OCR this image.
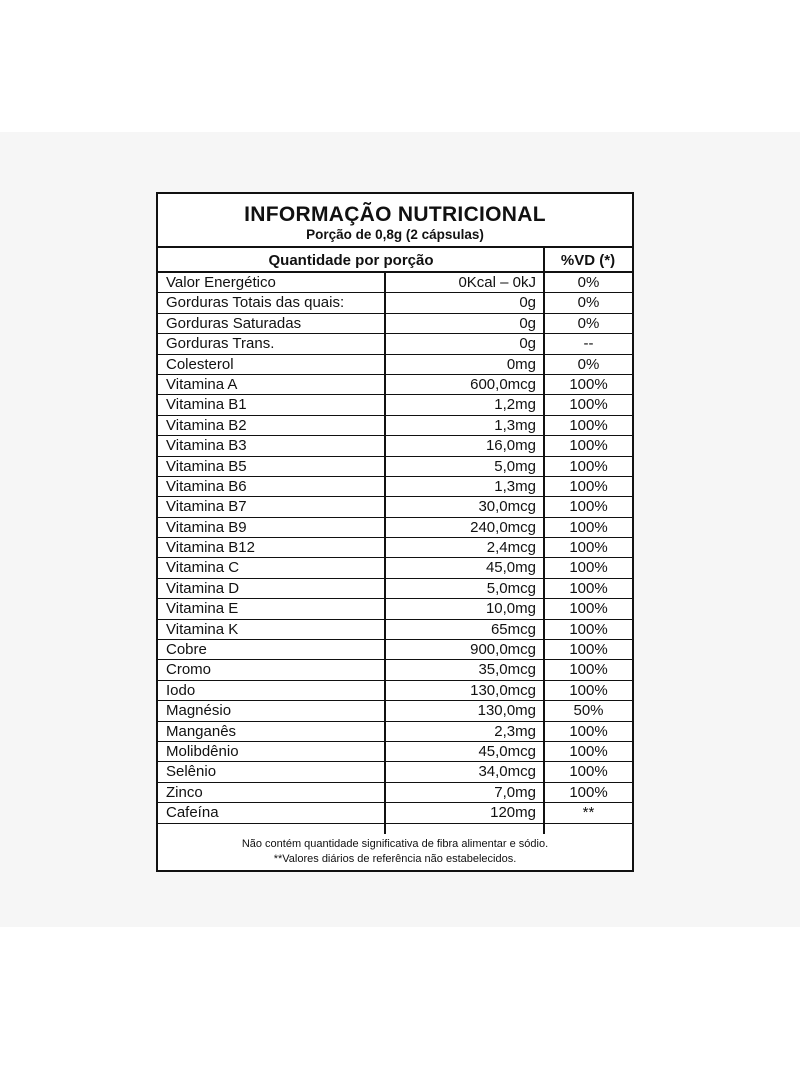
INFORMAÇÃO NUTRICIONAL
Porção de 0,8g (2 cápsulas)
Quantidade por porção	%VD (*)
Valor Energético	0Kcal – 0kJ	0%
Gorduras Totais das quais:	0g	0%
Gorduras Saturadas	0g	0%
Gorduras Trans.	0g	--
Colesterol	0mg	0%
Vitamina A	600,0mcg	100%
Vitamina B1	1,2mg	100%
Vitamina B2	1,3mg	100%
Vitamina B3	16,0mg	100%
Vitamina B5	5,0mg	100%
Vitamina B6	1,3mg	100%
Vitamina B7	30,0mcg	100%
Vitamina B9	240,0mcg	100%
Vitamina B12	2,4mcg	100%
Vitamina C	45,0mg	100%
Vitamina D	5,0mcg	100%
Vitamina E	10,0mg	100%
Vitamina K	65mcg	100%
Cobre	900,0mcg	100%
Cromo	35,0mcg	100%
Iodo	130,0mcg	100%
Magnésio	130,0mg	50%
Manganês	2,3mg	100%
Molibdênio	45,0mcg	100%
Selênio	34,0mcg	100%
Zinco	7,0mg	100%
Cafeína	120mg	**
Não contém quantidade significativa de fibra alimentar e sódio.
**Valores diários de referência não estabelecidos.
